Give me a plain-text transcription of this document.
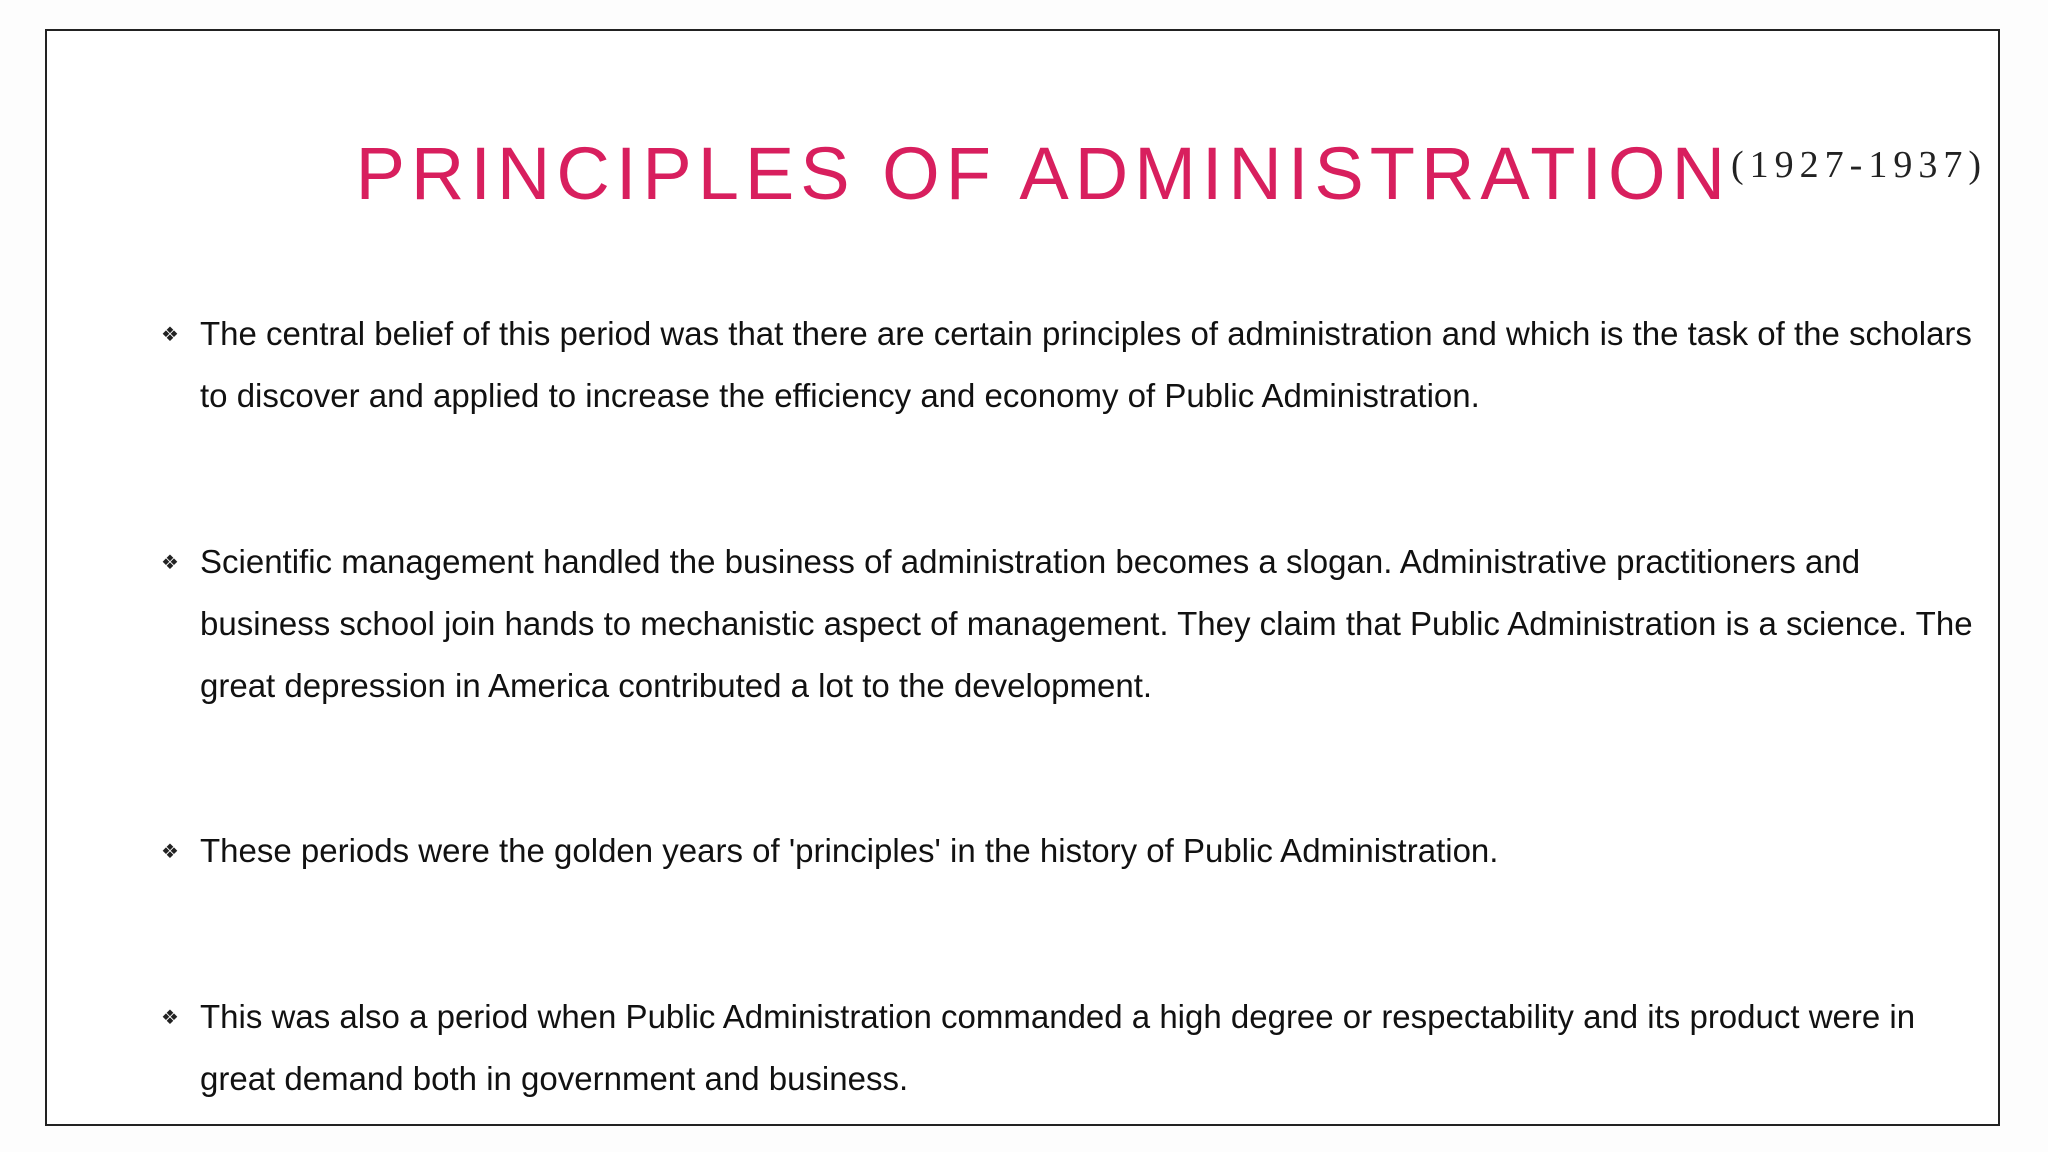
PRINCIPLES OF ADMINISTRATION(1927-1937)
❖ The central belief of this period was that there are certain principles of administration and which is the task of the scholars to discover and applied to increase the efficiency and economy of Public Administration.
❖ Scientific management handled the business of administration becomes a slogan. Administrative practitioners and business school join hands to mechanistic aspect of management. They claim that Public Administration is a science. The great depression in America contributed a lot to the development.
❖ These periods were the golden years of 'principles' in the history of Public Administration.
❖ This was also a period when Public Administration commanded a high degree or respectability and its product were in great demand both in government and business.
